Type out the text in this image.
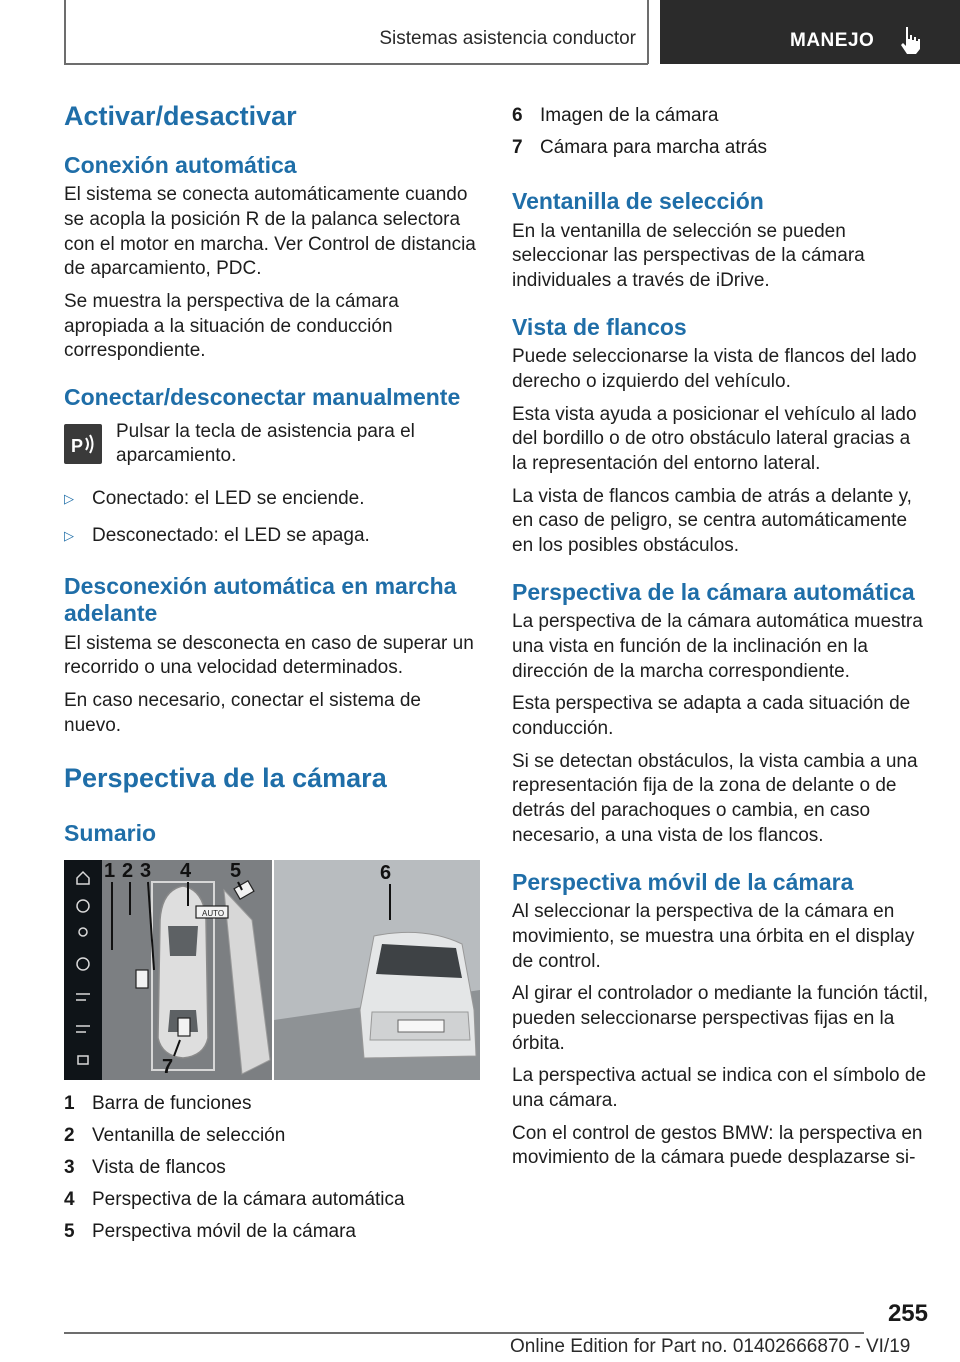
Sistemas asistencia conductor	MANEJO
Activar/desactivar
Conexión automática

El sistema se conecta automáticamente cuando se acopla la posición R de la palanca selectora con el motor en marcha. Ver Control de distancia de aparcamiento, PDC.

Se muestra la perspectiva de la cámara apropiada a la situación de conducción correspondiente.

Conectar/desconectar manualmente
P

Pulsar la tecla de asistencia para el aparcamiento.

▷ Conectado: el LED se enciende.

▷ Desconectado: el LED se apaga.

Desconexión automática en marcha adelante

El sistema se desconecta en caso de superar un recorrido o una velocidad determinados.

En caso necesario, conectar el sistema de nuevo.

Perspectiva de la cámara
Sumario
AUTO
1 2 3 4 5	6
7
1 Barra de funciones
2 Ventanilla de selección
3 Vista de flancos
4 Perspectiva de la cámara automática
5 Perspectiva móvil de la cámara
6 Imagen de la cámara
7 Cámara para marcha atrás
Ventanilla de selección

En la ventanilla de selección se pueden seleccionar las perspectivas de la cámara individuales a través de iDrive.

Vista de flancos

Puede seleccionarse la vista de flancos del lado derecho o izquierdo del vehículo.

Esta vista ayuda a posicionar el vehículo al lado del bordillo o de otro obstáculo lateral gracias a la representación del entorno lateral.

La vista de flancos cambia de atrás a delante y, en caso de peligro, se centra automáticamente en los posibles obstáculos.

Perspectiva de la cámara automática

La perspectiva de la cámara automática muestra una vista en función de la inclinación en la dirección de la marcha correspondiente.

Esta perspectiva se adapta a cada situación de conducción.

Si se detectan obstáculos, la vista cambia a una representación fija de la zona de delante o de detrás del parachoques o cambia, en caso necesario, a una vista de los flancos.

Perspectiva móvil de la cámara

Al seleccionar la perspectiva de la cámara en movimiento, se muestra una órbita en el display de control.

Al girar el controlador o mediante la función táctil, pueden seleccionarse perspectivas fijas en la órbita.

La perspectiva actual se indica con el símbolo de una cámara.

Con el control de gestos BMW: la perspectiva en movimiento de la cámara puede desplazarse si-

255
Online Edition for Part no. 01402666870 - VI/19
